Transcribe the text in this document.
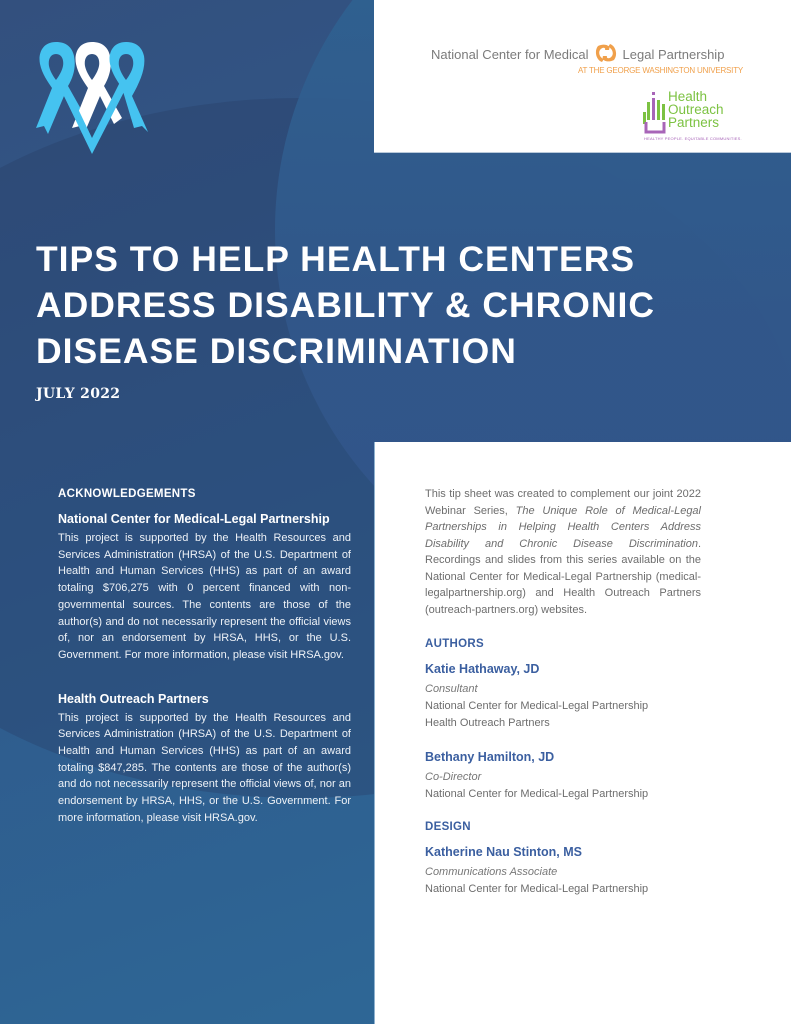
National Center for Medical	Legal Partnership
AT THE GEORGE WASHINGTON UNIVERSITY
Health
Outreach
Partners
HEALTHY PEOPLE. EQUITABLE COMMUNITIES.
TIPS TO HELP HEALTH CENTERS
ADDRESS DISABILITY & CHRONIC
DISEASE DISCRIMINATION
JULY 2022
ACKNOWLEDGEMENTS
National Center for Medical-Legal Partnership

This project is supported by the Health Resources and Services Administration (HRSA) of the U.S. Department of Health and Human Services (HHS) as part of an award totaling $706,275 with 0 percent financed with non-governmental sources. The contents are those of the author(s) and do not necessarily represent the official views of, nor an endorsement by HRSA, HHS, or the U.S. Government. For more information, please visit HRSA.gov.

Health Outreach Partners

This project is supported by the Health Resources and Services Administration (HRSA) of the U.S. Department of Health and Human Services (HHS) as part of an award totaling $847,285. The contents are those of the author(s) and do not necessarily represent the official views of, nor an endorsement by HRSA, HHS, or the U.S. Government. For more information, please visit HRSA.gov.

This tip sheet was created to complement our joint 2022 Webinar Series, The Unique Role of Medical-Legal Partnerships in Helping Health Centers Address Disability and Chronic Disease Discrimination. Recordings and slides from this series available on the National Center for Medical-Legal Partnership (medical-legalpartnership.org) and Health Outreach Partners (outreach-partners.org) websites.

AUTHORS
Katie Hathaway, JD
Consultant
National Center for Medical-Legal Partnership
Health Outreach Partners
Bethany Hamilton, JD
Co-Director
National Center for Medical-Legal Partnership
DESIGN
Katherine Nau Stinton, MS
Communications Associate
National Center for Medical-Legal Partnership
